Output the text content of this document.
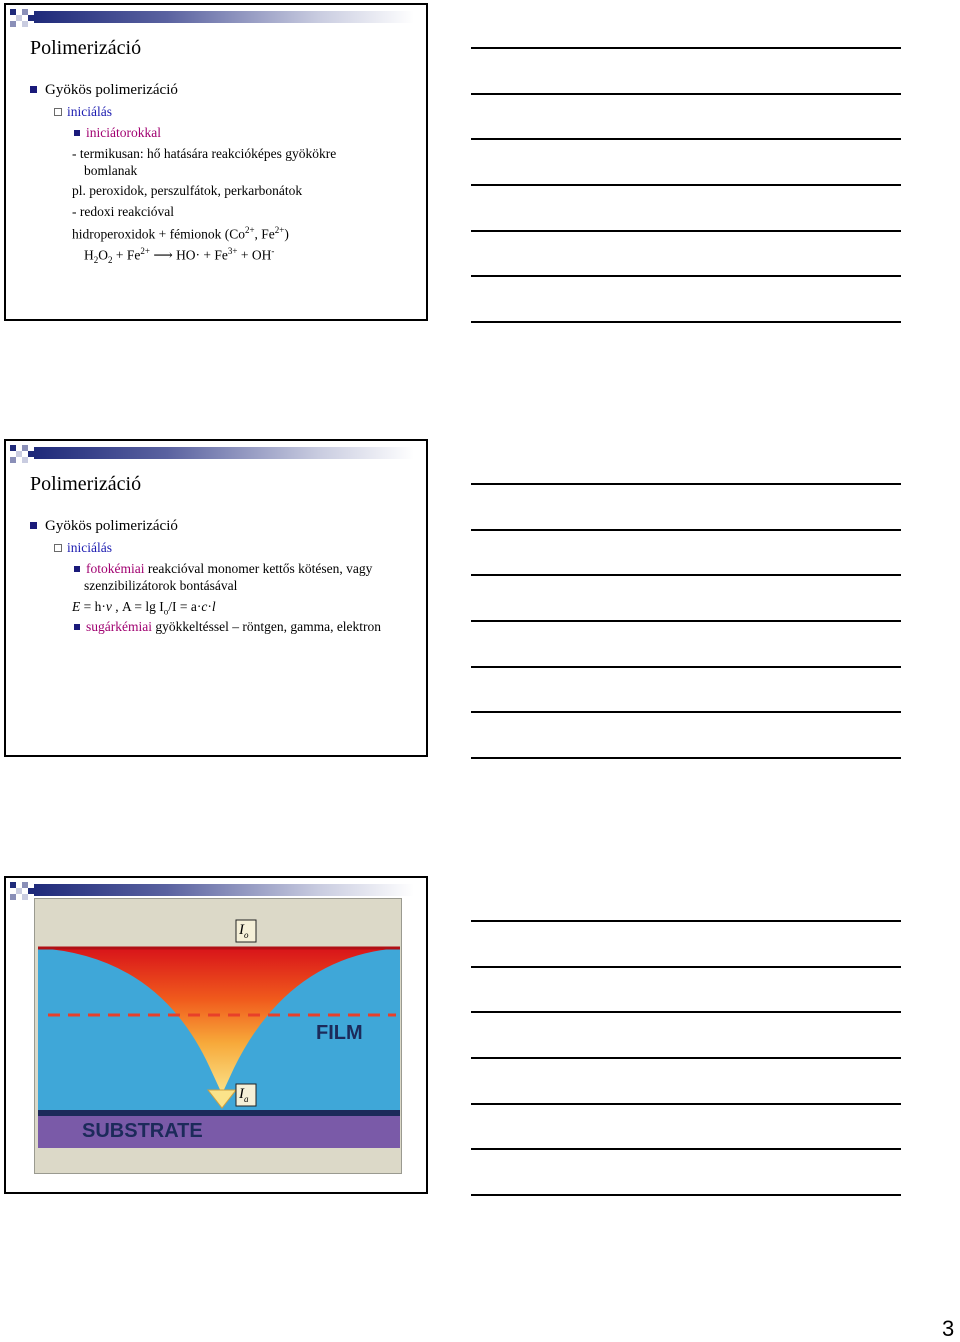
Polimerizáció
Gyökös polimerizáció
iniciálás
iniciátorokkal
- termikusan: hő hatására reakcióképes gyökökre
bomlanak
pl. peroxidok, perszulfátok, perkarbonátok
- redoxi reakcióval
hidroperoxidok + fémionok ($Co^{2+}$, $Fe^{2+}$)
$H_2O_2 + Fe^{2+}$ ⟶ $HO\cdot + Fe^{3+} + OH^-$
Polimerizáció
Gyökös polimerizáció
iniciálás
fotokémiai reakcióval monomer kettős kötésen, vagy
szenzibilizátorok bontásával
E = h·ν , $A = \lg I_o/I = a\cdot c\cdot l$
sugárkémiai gyökkeltéssel – röntgen, gamma, elektron
$I_o$
$I_a$
FILM
SUBSTRATE
3
